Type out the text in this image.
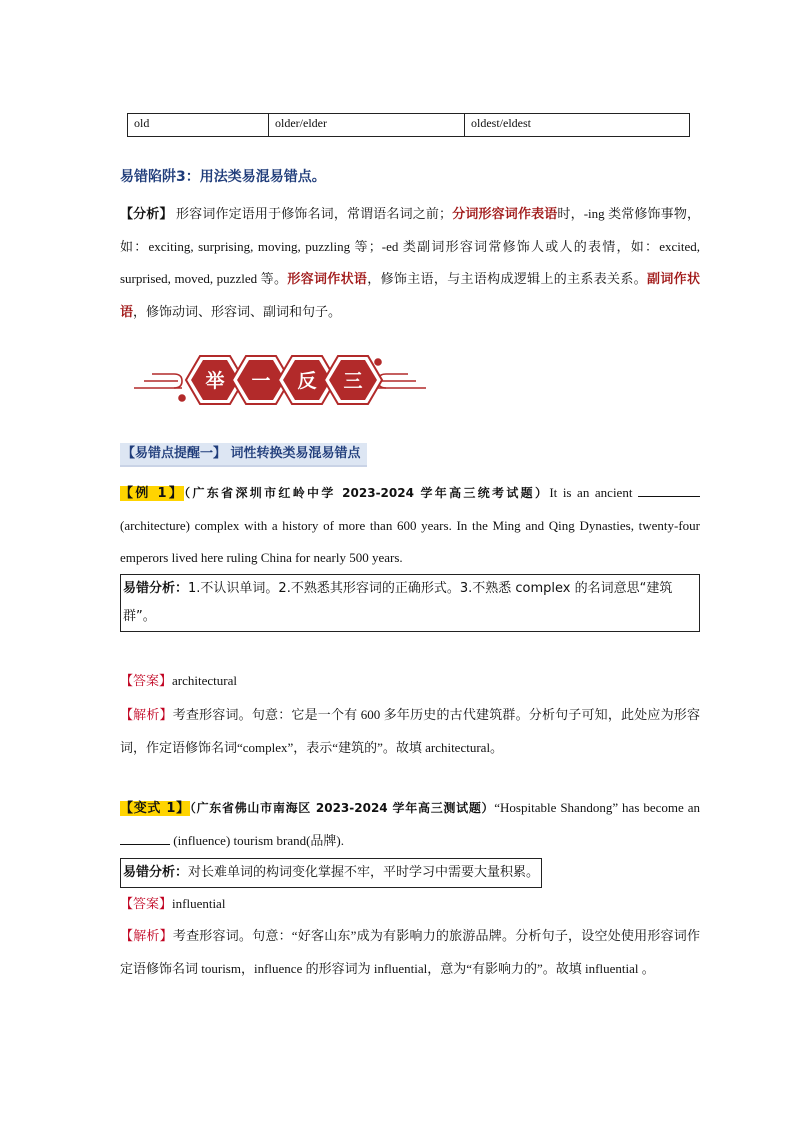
old	older/elder	oldest/eldest
易错陷阱3：用法类易混易错点。
【分析】 形容词作定语用于修饰名词，常谓语名词之前；分词形容词作表语时，-ing 类常修饰事物，如：exciting, surprising, moving, puzzling 等；-ed 类副词形容词常修饰人或人的表情，如：excited, surprised, moved, puzzled 等。形容词作状语，修饰主语，与主语构成逻辑上的主系表关系。副词作状语，修饰动词、形容词、副词和句子。
举 一 反 三
【易错点提醒一】 词性转换类易混易错点
【例 1】（广东省深圳市红岭中学 2023-2024 学年高三统考试题）It is an ancient  (architecture) complex with a history of more than 600 years. In the Ming and Qing Dynasties, twenty-four emperors lived here ruling China for nearly 500 years.
易错分析：1.不认识单词。2.不熟悉其形容词的正确形式。3.不熟悉 complex 的名词意思“建筑群”。
【答案】architectural
【解析】考查形容词。句意：它是一个有 600 多年历史的古代建筑群。分析句子可知，此处应为形容词，作定语修饰名词“complex”，表示“建筑的”。故填 architectural。
【变式 1】（广东省佛山市南海区 2023-2024 学年高三测试题）“Hospitable Shandong” has become an  (influence) tourism brand(品牌).
易错分析：对长难单词的构词变化掌握不牢，平时学习中需要大量积累。
【答案】influential
【解析】考查形容词。句意：“好客山东”成为有影响力的旅游品牌。分析句子，设空处使用形容词作定语修饰名词 tourism，influence 的形容词为 influential，意为“有影响力的”。故填 influential 。
